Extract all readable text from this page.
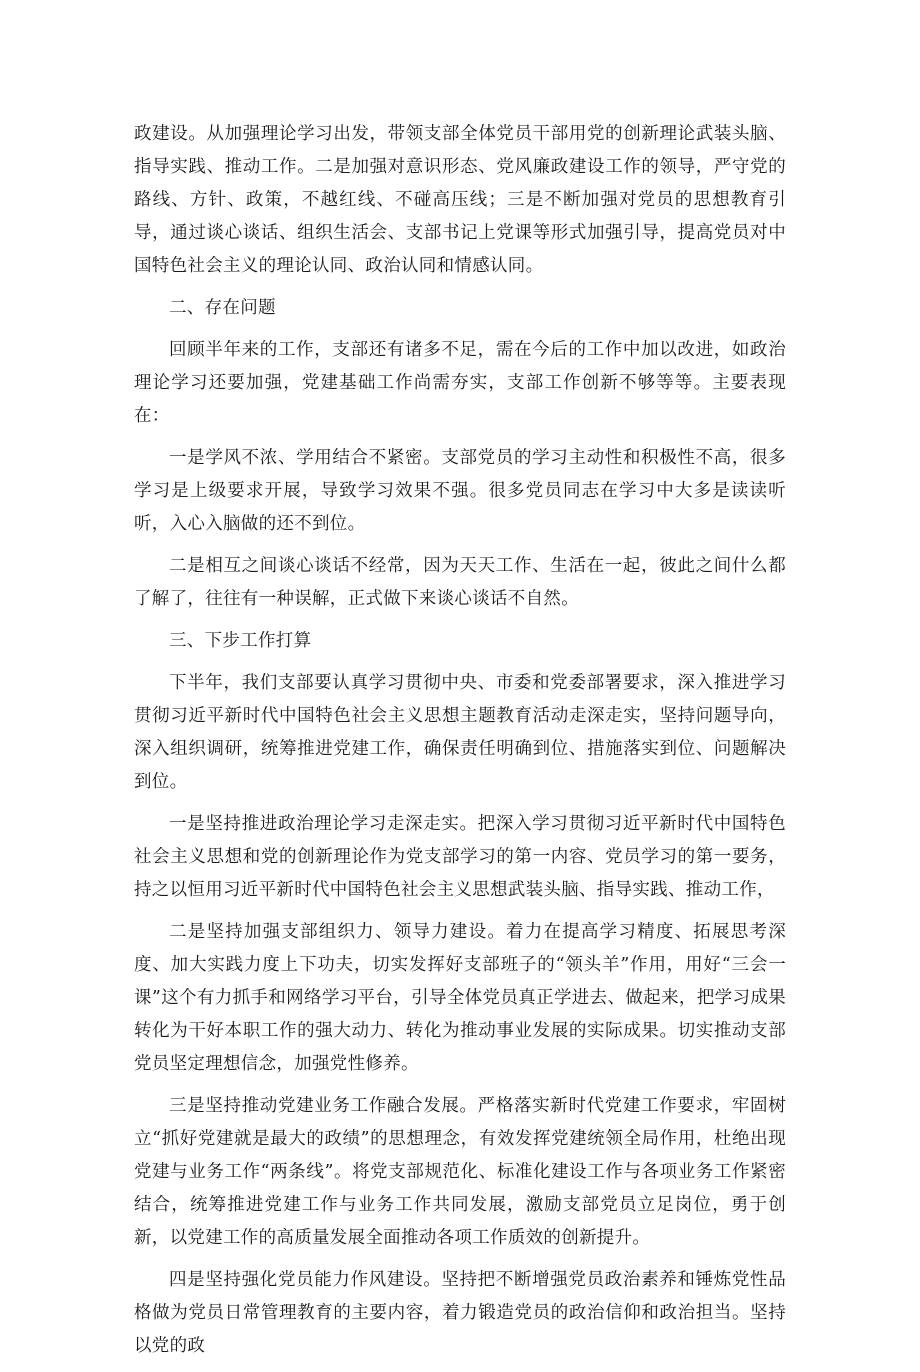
政建设。从加强理论学习出发，带领支部全体党员干部用党的创新理论武装头脑、指导实践、推动工作。二是加强对意识形态、党风廉政建设工作的领导，严守党的路线、方针、政策，不越红线、不碰高压线；三是不断加强对党员的思想教育引导，通过谈心谈话、组织生活会、支部书记上党课等形式加强引导，提高党员对中国特色社会主义的理论认同、政治认同和情感认同。

二、存在问题

回顾半年来的工作，支部还有诸多不足，需在今后的工作中加以改进，如政治理论学习还要加强，党建基础工作尚需夯实，支部工作创新不够等等。主要表现在：

一是学风不浓、学用结合不紧密。支部党员的学习主动性和积极性不高，很多学习是上级要求开展，导致学习效果不强。很多党员同志在学习中大多是读读听听，入心入脑做的还不到位。

二是相互之间谈心谈话不经常，因为天天工作、生活在一起，彼此之间什么都了解了，往往有一种误解，正式做下来谈心谈话不自然。

三、下步工作打算

下半年，我们支部要认真学习贯彻中央、市委和党委部署要求，深入推进学习贯彻习近平新时代中国特色社会主义思想主题教育活动走深走实，坚持问题导向，深入组织调研，统筹推进党建工作，确保责任明确到位、措施落实到位、问题解决到位。

一是坚持推进政治理论学习走深走实。把深入学习贯彻习近平新时代中国特色社会主义思想和党的创新理论作为党支部学习的第一内容、党员学习的第一要务，持之以恒用习近平新时代中国特色社会主义思想武装头脑、指导实践、推动工作，

二是坚持加强支部组织力、领导力建设。着力在提高学习精度、拓展思考深度、加大实践力度上下功夫，切实发挥好支部班子的“领头羊”作用，用好“三会一课”这个有力抓手和网络学习平台，引导全体党员真正学进去、做起来，把学习成果转化为干好本职工作的强大动力、转化为推动事业发展的实际成果。切实推动支部党员坚定理想信念，加强党性修养。

三是坚持推动党建业务工作融合发展。严格落实新时代党建工作要求，牢固树立“抓好党建就是最大的政绩”的思想理念，有效发挥党建统领全局作用，杜绝出现党建与业务工作“两条线”。将党支部规范化、标准化建设工作与各项业务工作紧密结合，统筹推进党建工作与业务工作共同发展，激励支部党员立足岗位，勇于创新，以党建工作的高质量发展全面推动各项工作质效的创新提升。

四是坚持强化党员能力作风建设。坚持把不断增强党员政治素养和锤炼党性品格做为党员日常管理教育的主要内容，着力锻造党员的政治信仰和政治担当。坚持以党的政
